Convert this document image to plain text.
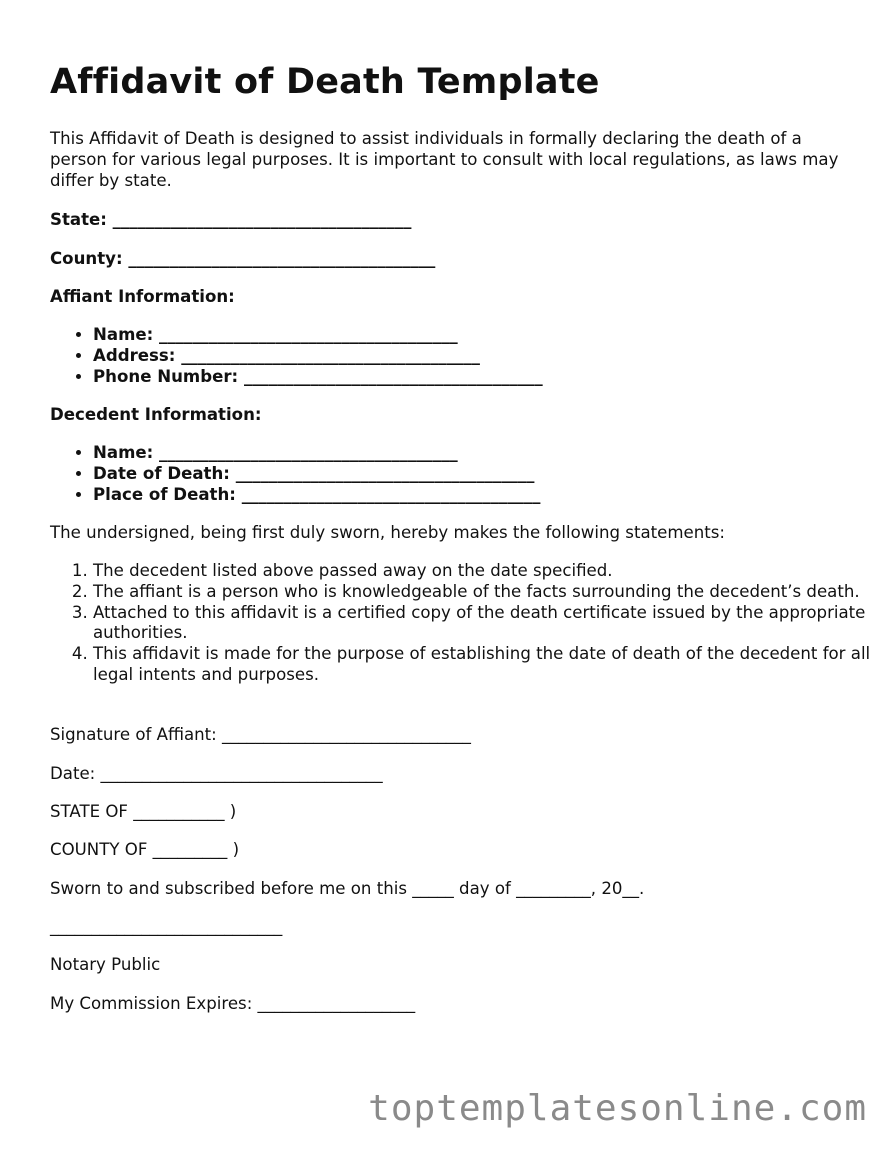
Affidavit of Death Template

This Affidavit of Death is designed to assist individuals in formally declaring the death of a person for various legal purposes. It is important to consult with local regulations, as laws may differ by state.

State: ____________________________________

County: _____________________________________

Affiant Information:

• Name: ____________________________________
• Address: ____________________________________
• Phone Number: ____________________________________

Decedent Information:

• Name: ____________________________________
• Date of Death: ____________________________________
• Place of Death: ____________________________________

The undersigned, being first duly sworn, hereby makes the following statements:

1. The decedent listed above passed away on the date specified.
2. The affiant is a person who is knowledgeable of the facts surrounding the decedent’s death.
3. Attached to this affidavit is a certified copy of the death certificate issued by the appropriate authorities.
4. This affidavit is made for the purpose of establishing the date of death of the decedent for all legal intents and purposes.

Signature of Affiant: ______________________________

Date: __________________________________

STATE OF ___________ )

COUNTY OF _________ )

Sworn to and subscribed before me on this _____ day of _________, 20__.

____________________________

Notary Public

My Commission Expires: ___________________

toptemplatesonline.com
